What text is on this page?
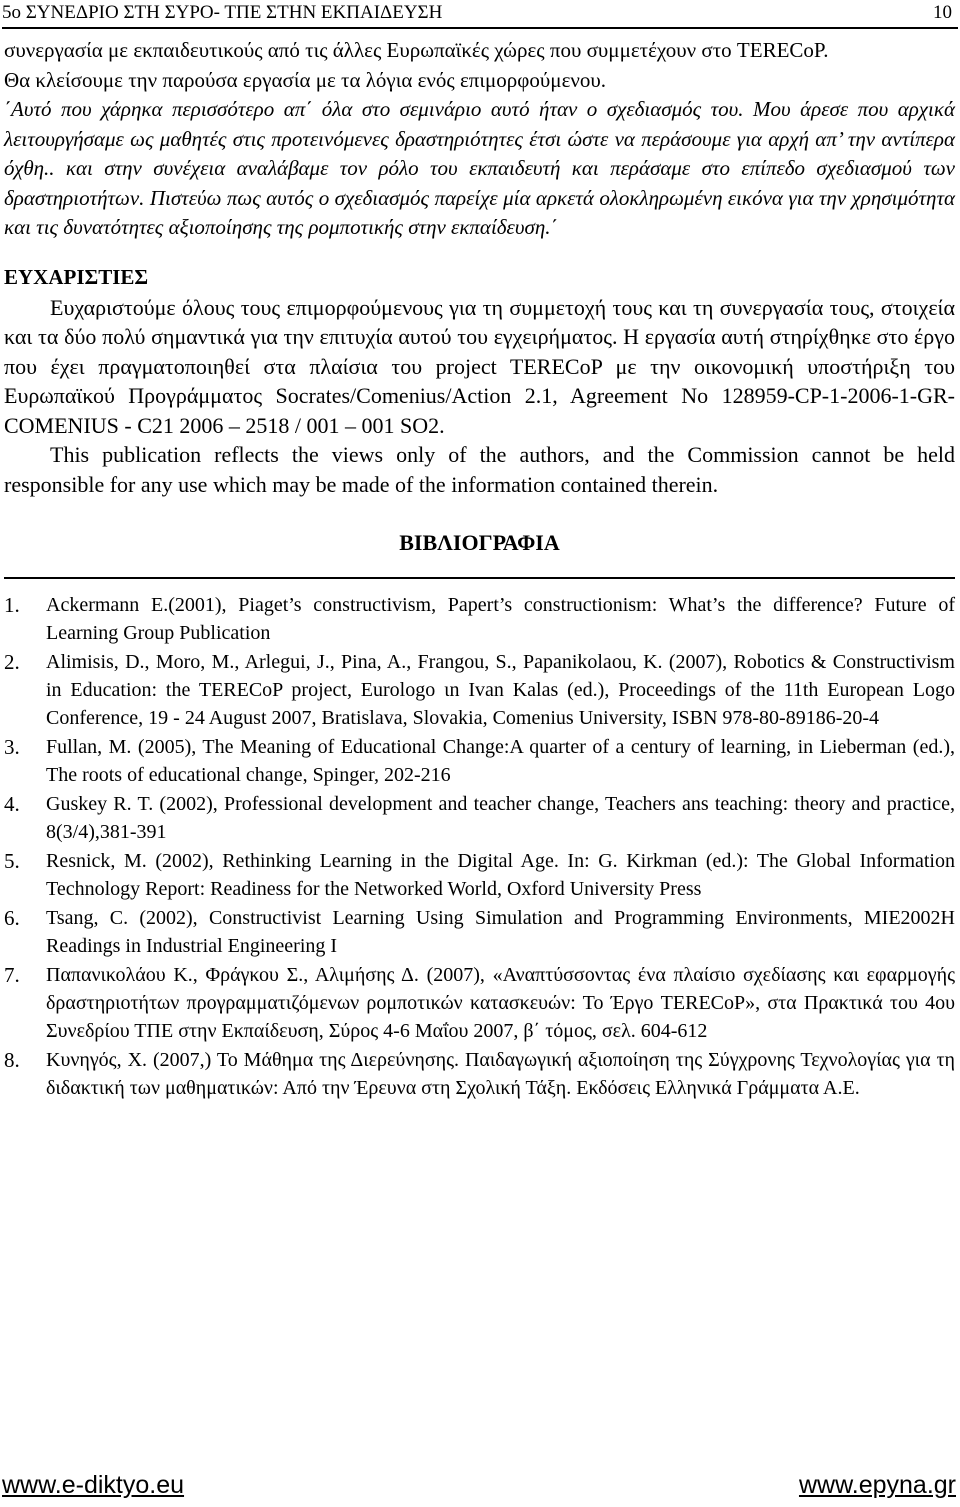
5ο ΣΥΝΕΔΡΙΟ ΣΤΗ ΣΥΡΟ- ΤΠΕ ΣΤΗΝ ΕΚΠΑΙΔΕΥΣΗ	10

συνεργασία με εκπαιδευτικούς από τις άλλες Ευρωπαϊκές χώρες που συμμετέχουν στο TERECoP.

Θα κλείσουμε την παρούσα εργασία με τα λόγια ενός επιμορφούμενου.

΄Αυτό που χάρηκα περισσότερο απ΄ όλα στο σεμινάριο αυτό ήταν ο σχεδιασμός του. Μου άρεσε που αρχικά λειτουργήσαμε ως μαθητές στις προτεινόμενες δραστηριότητες έτσι ώστε να περάσουμε για αρχή απ’ την αντίπερα όχθη.. και στην συνέχεια αναλάβαμε τον ρόλο του εκπαιδευτή και περάσαμε στο επίπεδο σχεδιασμού των δραστηριοτήτων. Πιστεύω πως αυτός ο σχεδιασμός παρείχε μία αρκετά ολοκληρωμένη εικόνα για την χρησιμότητα και τις δυνατότητες αξιοποίησης της ρομποτικής στην εκπαίδευση.΄

ΕΥΧΑΡΙΣΤΙΕΣ

Ευχαριστούμε όλους τους επιμορφούμενους για τη συμμετοχή τους και τη συνεργασία τους, στοιχεία και τα δύο πολύ σημαντικά για την επιτυχία αυτού του εγχειρήματος. Η εργασία αυτή στηρίχθηκε στο έργο που έχει πραγματοποιηθεί στα πλαίσια του project TERECoP με την οικονομική υποστήριξη του Ευρωπαϊκού Προγράμματος Socrates/Comenius/Action 2.1, Agreement No 128959-CP-1-2006-1-GR-COMENIUS - C21 2006 – 2518 / 001 – 001 SO2.

This publication reflects the views only of the authors, and the Commission cannot be held responsible for any use which may be made of the information contained therein.

ΒΙΒΛΙΟΓΡΑΦΙΑ
1. Ackermann E.(2001), Piaget’s constructivism, Papert’s constructionism: What’s the difference? Future of Learning Group Publication
2. Alimisis, D., Moro, M., Arlegui, J., Pina, A., Frangou, S., Papanikolaou, K. (2007), Robotics & Constructivism in Education: the TERECoP project, Eurologo ιn Ivan Kalas (ed.), Proceedings of the 11th European Logo Conference, 19 - 24 August 2007, Bratislava, Slovakia, Comenius University, ISBN 978-80-89186-20-4
3. Fullan, M. (2005), The Meaning of Educational Change:A quarter of a century of learning, in Lieberman (ed.), The roots of educational change, Spinger, 202-216
4. Guskey R. T. (2002), Professional development and teacher change, Teachers ans teaching: theory and practice, 8(3/4),381-391
5. Resnick, M. (2002), Rethinking Learning in the Digital Age. In: G. Kirkman (ed.): The Global Information Technology Report: Readiness for the Networked World, Oxford University Press
6. Tsang, C. (2002), Constructivist Learning Using Simulation and Programming Environments, MIE2002H Readings in Industrial Engineering I
7. Παπανικολάου Κ., Φράγκου Σ., Αλιμήσης Δ. (2007), «Αναπτύσσοντας ένα πλαίσιο σχεδίασης και εφαρμογής δραστηριοτήτων προγραμματιζόμενων ρομποτικών κατασκευών: Το Έργο TERECoP», στα Πρακτικά του 4ου Συνεδρίου ΤΠΕ στην Εκπαίδευση, Σύρος 4-6 Μαΐου 2007, β΄ τόμος, σελ. 604-612
8. Κυνηγός, Χ. (2007,) Το Μάθημα της Διερεύνησης. Παιδαγωγική αξιοποίηση της Σύγχρονης Τεχνολογίας για τη διδακτική των μαθηματικών: Από την Έρευνα στη Σχολική Τάξη. Εκδόσεις Ελληνικά Γράμματα Α.Ε.
www.e-diktyo.eu	www.epyna.gr
